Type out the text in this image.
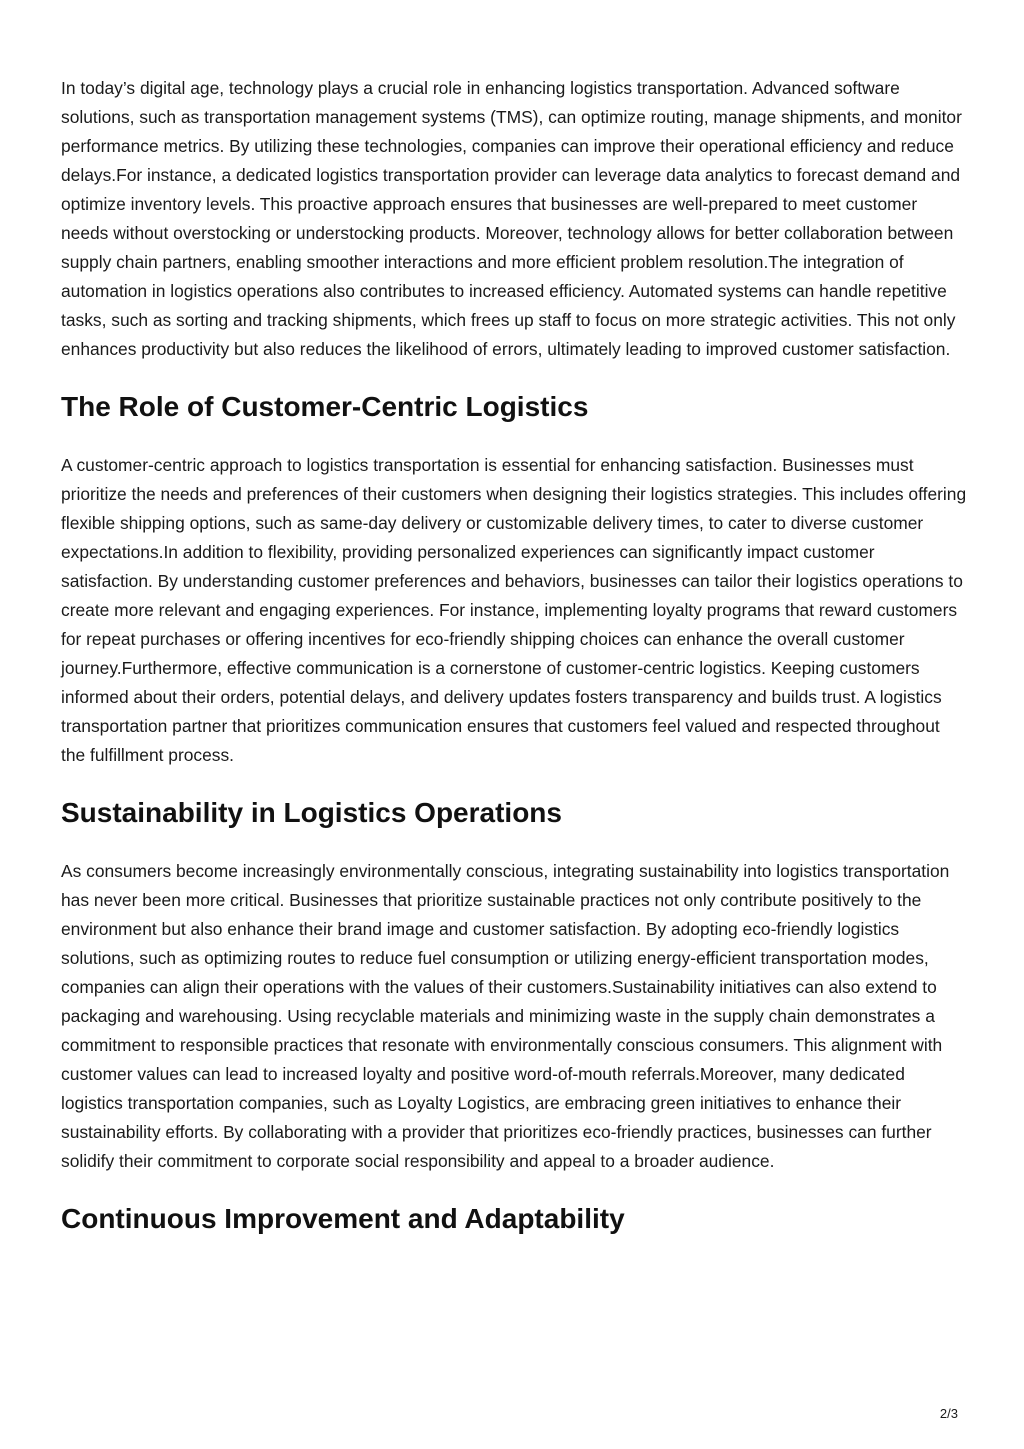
In today’s digital age, technology plays a crucial role in enhancing logistics transportation. Advanced software solutions, such as transportation management systems (TMS), can optimize routing, manage shipments, and monitor performance metrics. By utilizing these technologies, companies can improve their operational efficiency and reduce delays.For instance, a dedicated logistics transportation provider can leverage data analytics to forecast demand and optimize inventory levels. This proactive approach ensures that businesses are well-prepared to meet customer needs without overstocking or understocking products. Moreover, technology allows for better collaboration between supply chain partners, enabling smoother interactions and more efficient problem resolution.The integration of automation in logistics operations also contributes to increased efficiency. Automated systems can handle repetitive tasks, such as sorting and tracking shipments, which frees up staff to focus on more strategic activities. This not only enhances productivity but also reduces the likelihood of errors, ultimately leading to improved customer satisfaction.

The Role of Customer-Centric Logistics

A customer-centric approach to logistics transportation is essential for enhancing satisfaction. Businesses must prioritize the needs and preferences of their customers when designing their logistics strategies. This includes offering flexible shipping options, such as same-day delivery or customizable delivery times, to cater to diverse customer expectations.In addition to flexibility, providing personalized experiences can significantly impact customer satisfaction. By understanding customer preferences and behaviors, businesses can tailor their logistics operations to create more relevant and engaging experiences. For instance, implementing loyalty programs that reward customers for repeat purchases or offering incentives for eco-friendly shipping choices can enhance the overall customer journey.Furthermore, effective communication is a cornerstone of customer-centric logistics. Keeping customers informed about their orders, potential delays, and delivery updates fosters transparency and builds trust. A logistics transportation partner that prioritizes communication ensures that customers feel valued and respected throughout the fulfillment process.

Sustainability in Logistics Operations

As consumers become increasingly environmentally conscious, integrating sustainability into logistics transportation has never been more critical. Businesses that prioritize sustainable practices not only contribute positively to the environment but also enhance their brand image and customer satisfaction. By adopting eco-friendly logistics solutions, such as optimizing routes to reduce fuel consumption or utilizing energy-efficient transportation modes, companies can align their operations with the values of their customers.Sustainability initiatives can also extend to packaging and warehousing. Using recyclable materials and minimizing waste in the supply chain demonstrates a commitment to responsible practices that resonate with environmentally conscious consumers. This alignment with customer values can lead to increased loyalty and positive word-of-mouth referrals.Moreover, many dedicated logistics transportation companies, such as Loyalty Logistics, are embracing green initiatives to enhance their sustainability efforts. By collaborating with a provider that prioritizes eco-friendly practices, businesses can further solidify their commitment to corporate social responsibility and appeal to a broader audience.

Continuous Improvement and Adaptability
2/3
